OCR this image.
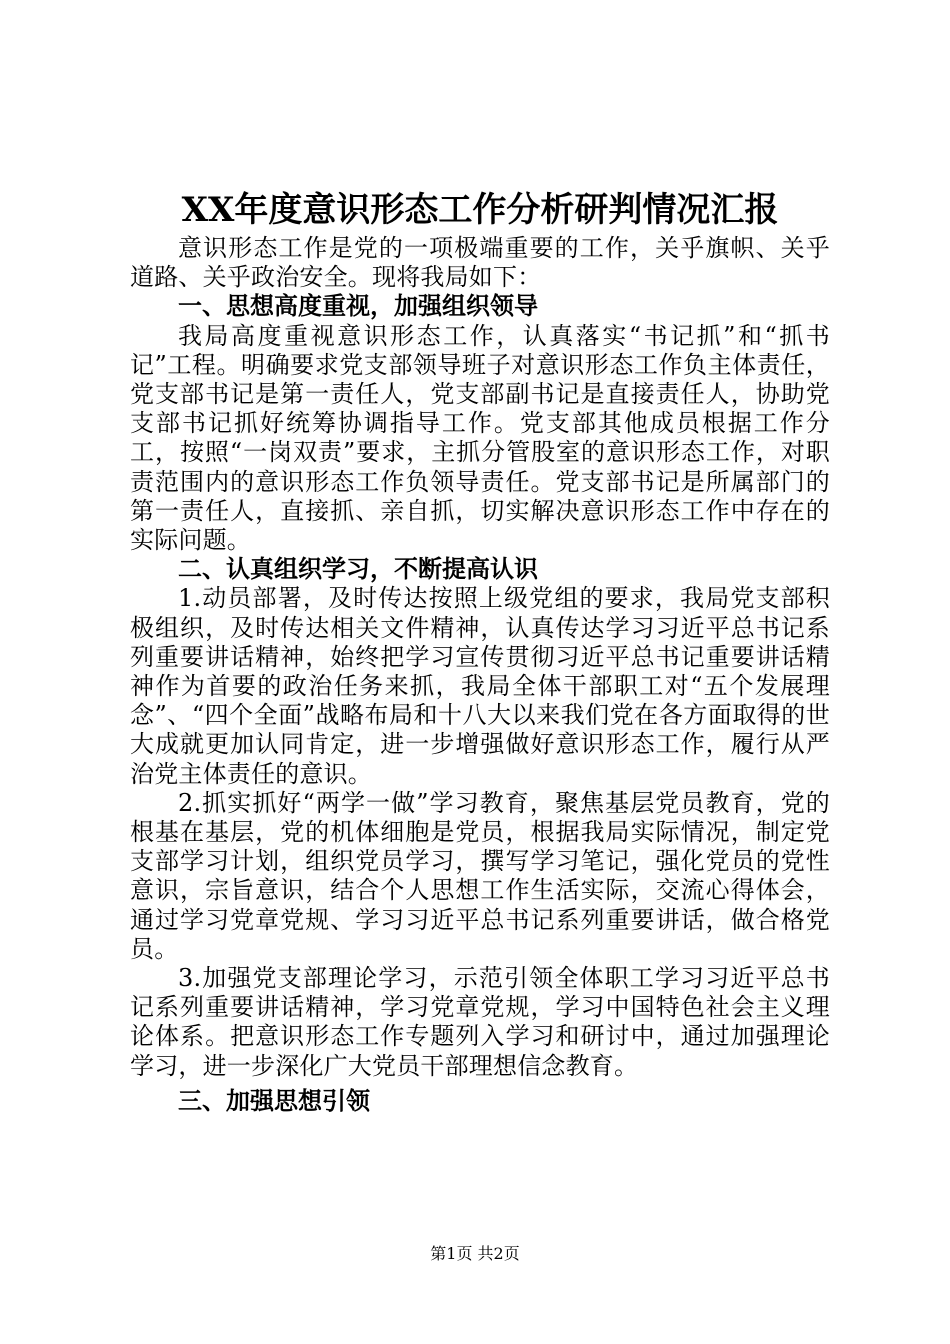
XX年度意识形态工作分析研判情况汇报

意识形态工作是党的一项极端重要的工作，关乎旗帜、关乎道路、关乎政治安全。现将我局如下：

一、思想高度重视，加强组织领导

我局高度重视意识形态工作，认真落实“书记抓”和“抓书记”工程。明确要求党支部领导班子对意识形态工作负主体责任，党支部书记是第一责任人，党支部副书记是直接责任人，协助党支部书记抓好统筹协调指导工作。党支部其他成员根据工作分工，按照“一岗双责”要求，主抓分管股室的意识形态工作，对职责范围内的意识形态工作负领导责任。党支部书记是所属部门的第一责任人，直接抓、亲自抓，切实解决意识形态工作中存在的实际问题。

二、认真组织学习，不断提高认识

1.动员部署，及时传达按照上级党组的要求，我局党支部积极组织，及时传达相关文件精神，认真传达学习习近平总书记系列重要讲话精神，始终把学习宣传贯彻习近平总书记重要讲话精神作为首要的政治任务来抓，我局全体干部职工对“五个发展理念”、“四个全面”战略布局和十八大以来我们党在各方面取得的世大成就更加认同肯定，进一步增强做好意识形态工作，履行从严治党主体责任的意识。

2.抓实抓好“两学一做”学习教育，聚焦基层党员教育，党的根基在基层，党的机体细胞是党员，根据我局实际情况，制定党支部学习计划，组织党员学习，撰写学习笔记，强化党员的党性意识，宗旨意识，结合个人思想工作生活实际，交流心得体会，通过学习党章党规、学习习近平总书记系列重要讲话，做合格党员。

3.加强党支部理论学习，示范引领全体职工学习习近平总书记系列重要讲话精神，学习党章党规，学习中国特色社会主义理论体系。把意识形态工作专题列入学习和研讨中，通过加强理论学习，进一步深化广大党员干部理想信念教育。

三、加强思想引领
第1页 共2页
